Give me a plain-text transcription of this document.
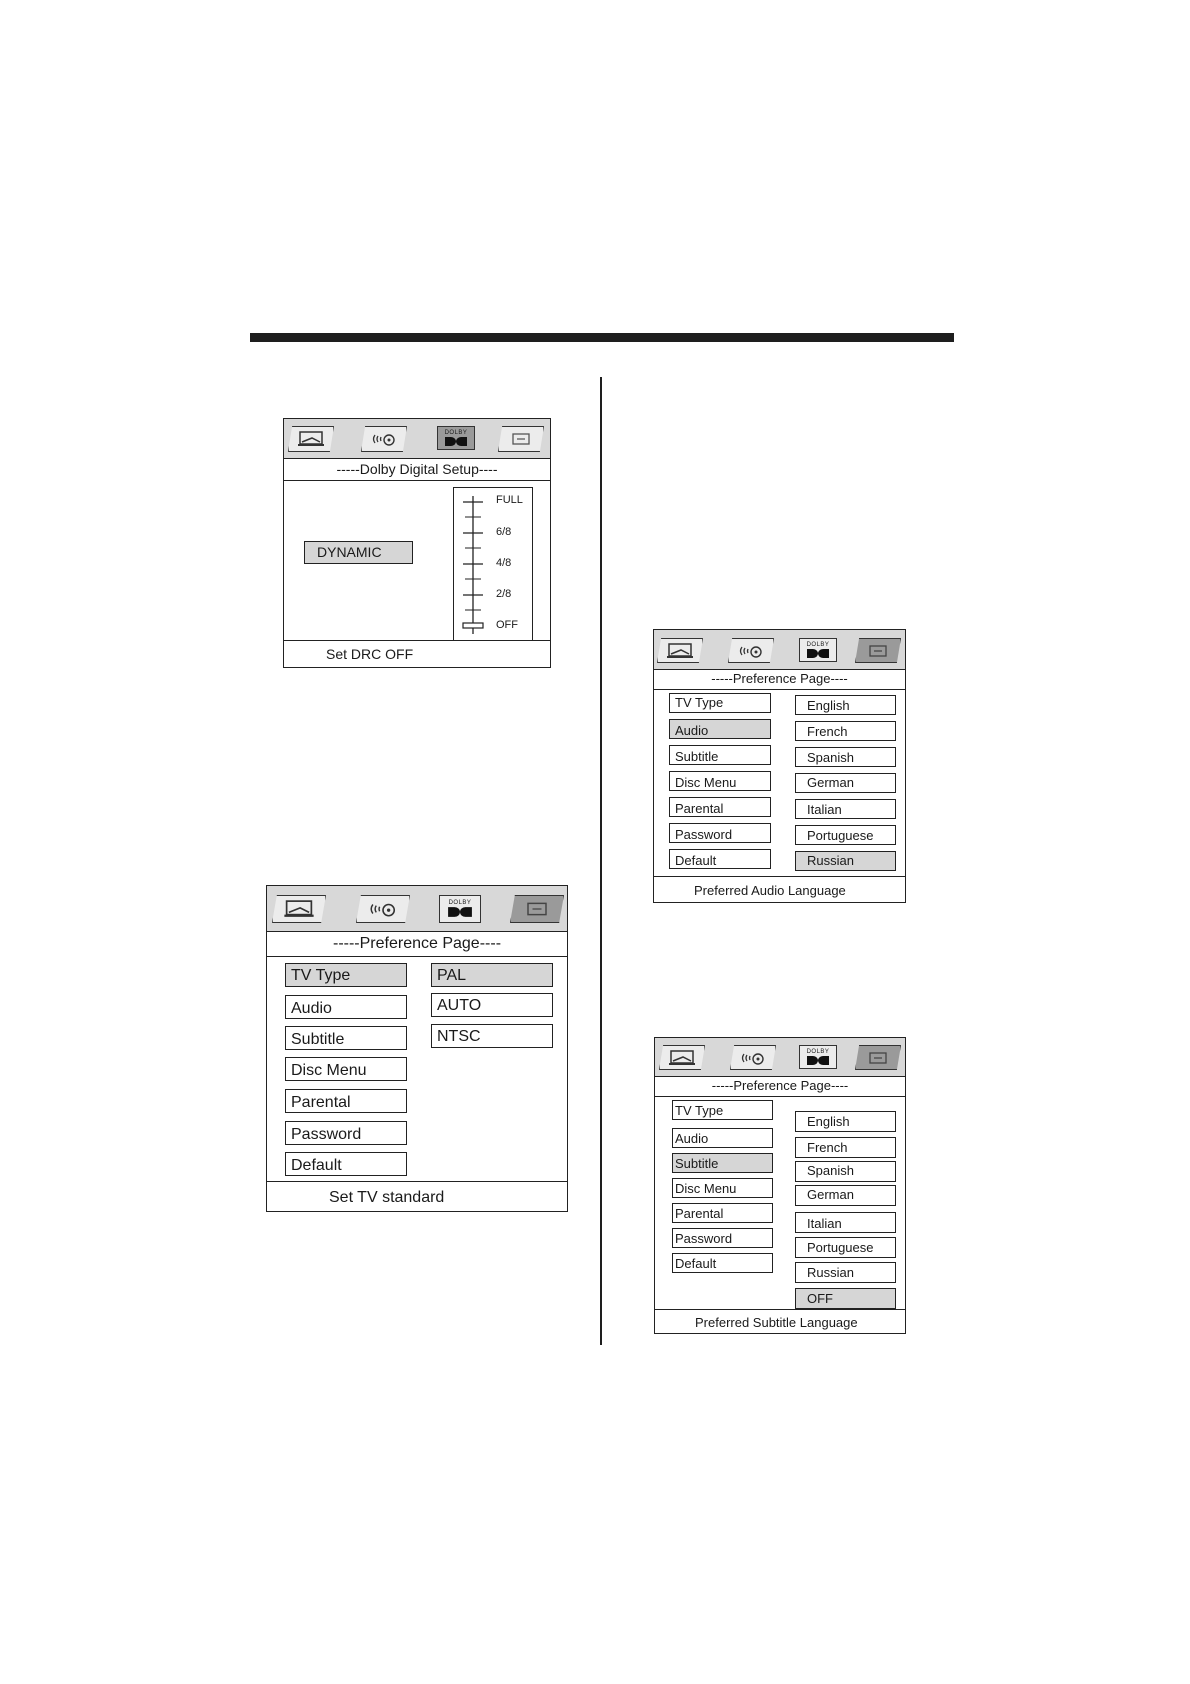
DOLBY
-----Dolby Digital Setup----
DYNAMIC
FULL
6/8
4/8
2/8
OFF
Set DRC OFF
DOLBY
-----Preference Page----
TV Type
Audio
Subtitle
Disc Menu
Parental
Password
Default
PAL
AUTO
NTSC
Set TV standard
DOLBY
-----Preference Page----
TV Type
Audio
Subtitle
Disc Menu
Parental
Password
Default
English
French
Spanish
German
Italian
Portuguese
Russian
Preferred Audio Language
DOLBY
-----Preference Page----
TV Type
Audio
Subtitle
Disc Menu
Parental
Password
Default
English
French
Spanish
German
Italian
Portuguese
Russian
OFF
Preferred Subtitle Language
